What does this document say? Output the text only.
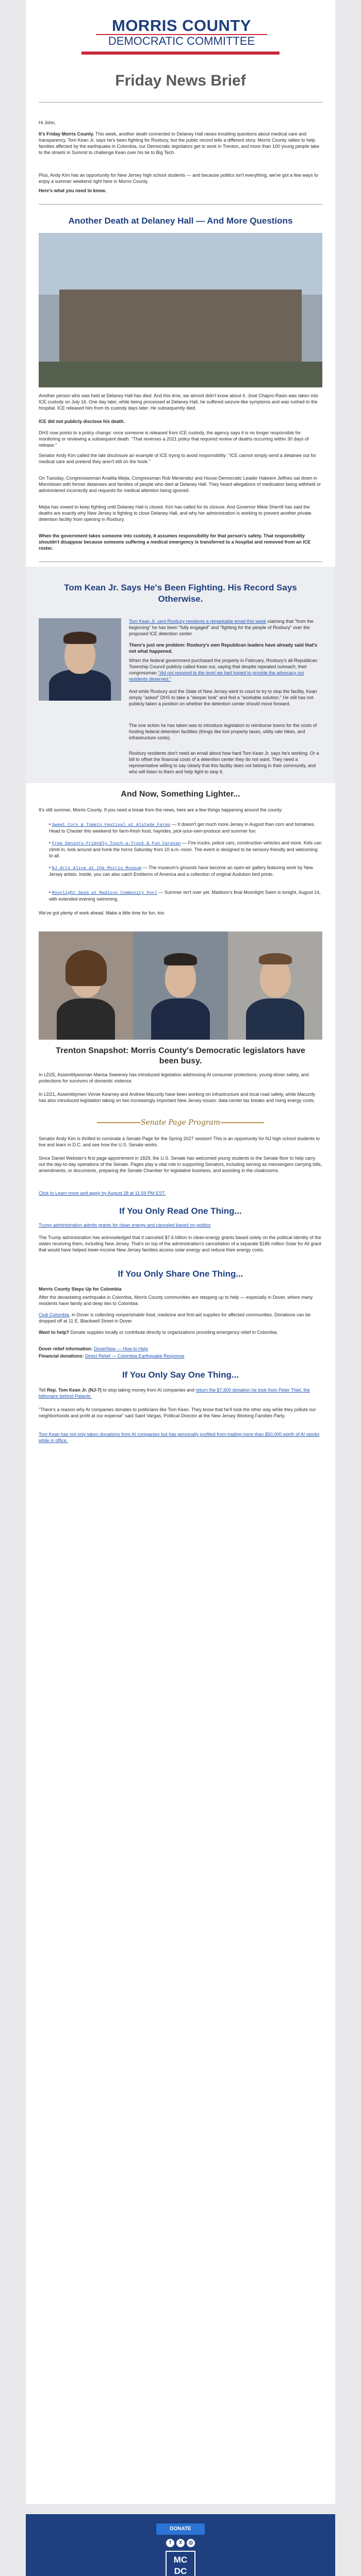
MORRIS COUNTY
DEMOCRATIC COMMITTEE
Friday News Brief
Hi John,
It's Friday Morris County. This week, another death connected to Delaney Hall raises troubling questions about medical care and transparency. Tom Kean Jr. says he's been fighting for Roxbury, but the public record tells a different story. Morris County rallies to help families affected by the earthquake in Colombia, our Democratic legislators get to work in Trenton, and more than 100 young people take to the streets in Summit to challenge Kean over his tie to Big Tech.
Plus, Andy Kim has an opportunity for New Jersey high school students — and because politics isn't everything, we've got a few ways to enjoy a summer weekend right here in Morris County.
Here's what you need to know.
Another Death at Delaney Hall — And More Questions
Another person who was held at Delaney Hall has died. And this time, we almost didn't know about it. José Chapro-Rasin was taken into ICE custody on July 16. One day later, while being processed at Delaney Hall, he suffered seizure-like symptoms and was rushed to the hospital. ICE released him from its custody days later. He subsequently died.
ICE did not publicly disclose his death.
DHS now points to a policy change: once someone is released from ICE custody, the agency says it is no longer responsible for monitoring or reviewing a subsequent death. "That reverses a 2021 policy that required review of deaths occurring within 30 days of release."
Senator Andy Kim called the late disclosure an example of ICE trying to avoid responsibility: "ICE cannot simply send a detainee out for medical care and pretend they aren't still on the hook."
On Tuesday, Congresswoman Analilia Mejia, Congressman Rob Menendez and House Democratic Leader Hakeem Jeffries sat down in Morristown with former detainees and families of people who died at Delaney Hall. They heard allegations of medication being withheld or administered incorrectly and requests for medical attention being ignored.
Mejia has vowed to keep fighting until Delaney Hall is closed. Kim has called for its closure. And Governor Mikie Sherrill has said the deaths are exactly why New Jersey is fighting to close Delaney Hall, and why her administration is working to prevent another private detention facility from opening in Roxbury.
When the government takes someone into custody, it assumes responsibility for that person's safety. That responsibility shouldn't disappear because someone suffering a medical emergency is transferred to a hospital and removed from an ICE roster.
Tom Kean Jr. Says He's Been Fighting. His Record Says Otherwise.
Tom Kean Jr. sent Roxbury residents a remarkable email this week claiming that "from the beginning" he has been "fully engaged" and "fighting for the people of Roxbury" over the proposed ICE detention center.
There's just one problem: Roxbury's own Republican leaders have already said that's not what happened.
When the federal government purchased the property in February, Roxbury's all-Republican Township Council publicly called Kean out, saying that despite repeated outreach, their congressman "did not respond to the level we had hoped to provide the advocacy our residents deserved."
And while Roxbury and the State of New Jersey went to court to try to stop the facility, Kean simply "asked" DHS to take a "deeper look" and find a "workable solution." He still has not publicly taken a position on whether the detention center should move forward.
The one action he has taken was to introduce legislation to reimburse towns for the costs of hosting federal detention facilities (things like lost property taxes, utility rate hikes, and infrastructure costs).
Roxbury residents don't need an email about how hard Tom Kean Jr. says he's working. Or a bill to offset the financial costs of a detention center they do not want. They need a representative willing to say clearly that this facility does not belong in their community, and who will listen to them and help fight to stop it.
And Now, Something Lighter...
It's still summer, Morris County. If you need a break from the news, here are a few things happening around the county:
• Sweet Corn & Tomato Festival at Alstede Farms — It doesn't get much more Jersey in August than corn and tomatoes. Head to Chester this weekend for farm-fresh food, hayrides, pick-your-own-produce and summer fun.
• Free Seniors-Friendly Touch-a-Truck & Fun Caravan — Fire trucks, police cars, construction vehicles and more. Kids can climb in, look around and honk the horns Saturday from 10 a.m.-noon. The event is designed to be sensory-friendly and welcoming to all.
• NJ Arts Alive at the Morris Museum — The museum's grounds have become an open-air gallery featuring work by New Jersey artists. Inside, you can also catch Emblems of America and a collection of original Audubon bird prints.
• Moonlight Swim at Madison Community Pool — Summer isn't over yet. Madison's final Moonlight Swim is tonight, August 14, with extended evening swimming.
We've got plenty of work ahead. Make a little time for fun, too.
Trenton Snapshot: Morris County's Democratic legislators have been busy.
In LD25, Assemblywoman Marisa Sweeney has introduced legislation addressing AI consumer protections, young-driver safety, and protections for survivors of domestic violence.
In LD21, Assemblymen Vinnie Kearney and Andrew Macurdy have been working on infrastructure and local road safety, while Macurdy has also introduced legislation taking on two increasingly important New Jersey issues: data-center tax breaks and rising energy costs.
Senate Page Program
Senator Andy Kim is thrilled to nominate a Senate Page for the Spring 2027 session! This is an opportunity for NJ high school students to live and learn in D.C. and see how the U.S. Senate works.
Since Daniel Webster's first page appointment in 1829, the U.S. Senate has welcomed young students to the Senate floor to help carry out the day-to-day operations of the Senate. Pages play a vital role in supporting Senators, including serving as messengers carrying bills, amendments, or documents, preparing the Senate Chamber for legislative business, and assisting in the cloakrooms.
Click to Learn more and apply by August 28 at 11:59 PM EST.
If You Only Read One Thing...
Trump administration admits grants for clean energy and canceled based on politics
The Trump administration has acknowledged that it canceled $7.6 billion in clean-energy grants based solely on the political identity of the states receiving them, including New Jersey. That's on top of the administration's cancellation of a separate $186 million Solar for All grant that would have helped lower-income New Jersey families access solar energy and reduce their energy costs.
If You Only Share One Thing...
Morris County Steps Up for Colombia
After the devastating earthquake in Colombia, Morris County communities are stepping up to help — especially in Dover, where many residents have family and deep ties to Colombia.
Club Colombia, in Dover is collecting nonperishable food, medicine and first-aid supplies for affected communities. Donations can be dropped off at 11 E. Blackwell Street in Dover
Want to help? Donate supplies locally or contribute directly to organizations providing emergency relief in Colombia.
Dover relief information: DoverNow — How to Help
Financial donations: Direct Relief — Colombia Earthquake Response
If You Only Say One Thing...
Tell Rep. Tom Kean Jr. (NJ-7) to stop taking money from AI companies and return the $7,600 donation he took from Peter Thiel, the billionaire behind Palantir.
"There's a reason why AI companies donates to politicians like Tom Kean. They know that he'll look the other way while they pollute our neighborhoods and profit at our expense" said Saint Vargas, Political Director at the New Jersey Working Families Party.
Tom Kean has not only taken donations from AI companies but has personally profited from trading more than $50,000 worth of AI stocks while in office.
DONATE
f	X	◎
MC
DC
